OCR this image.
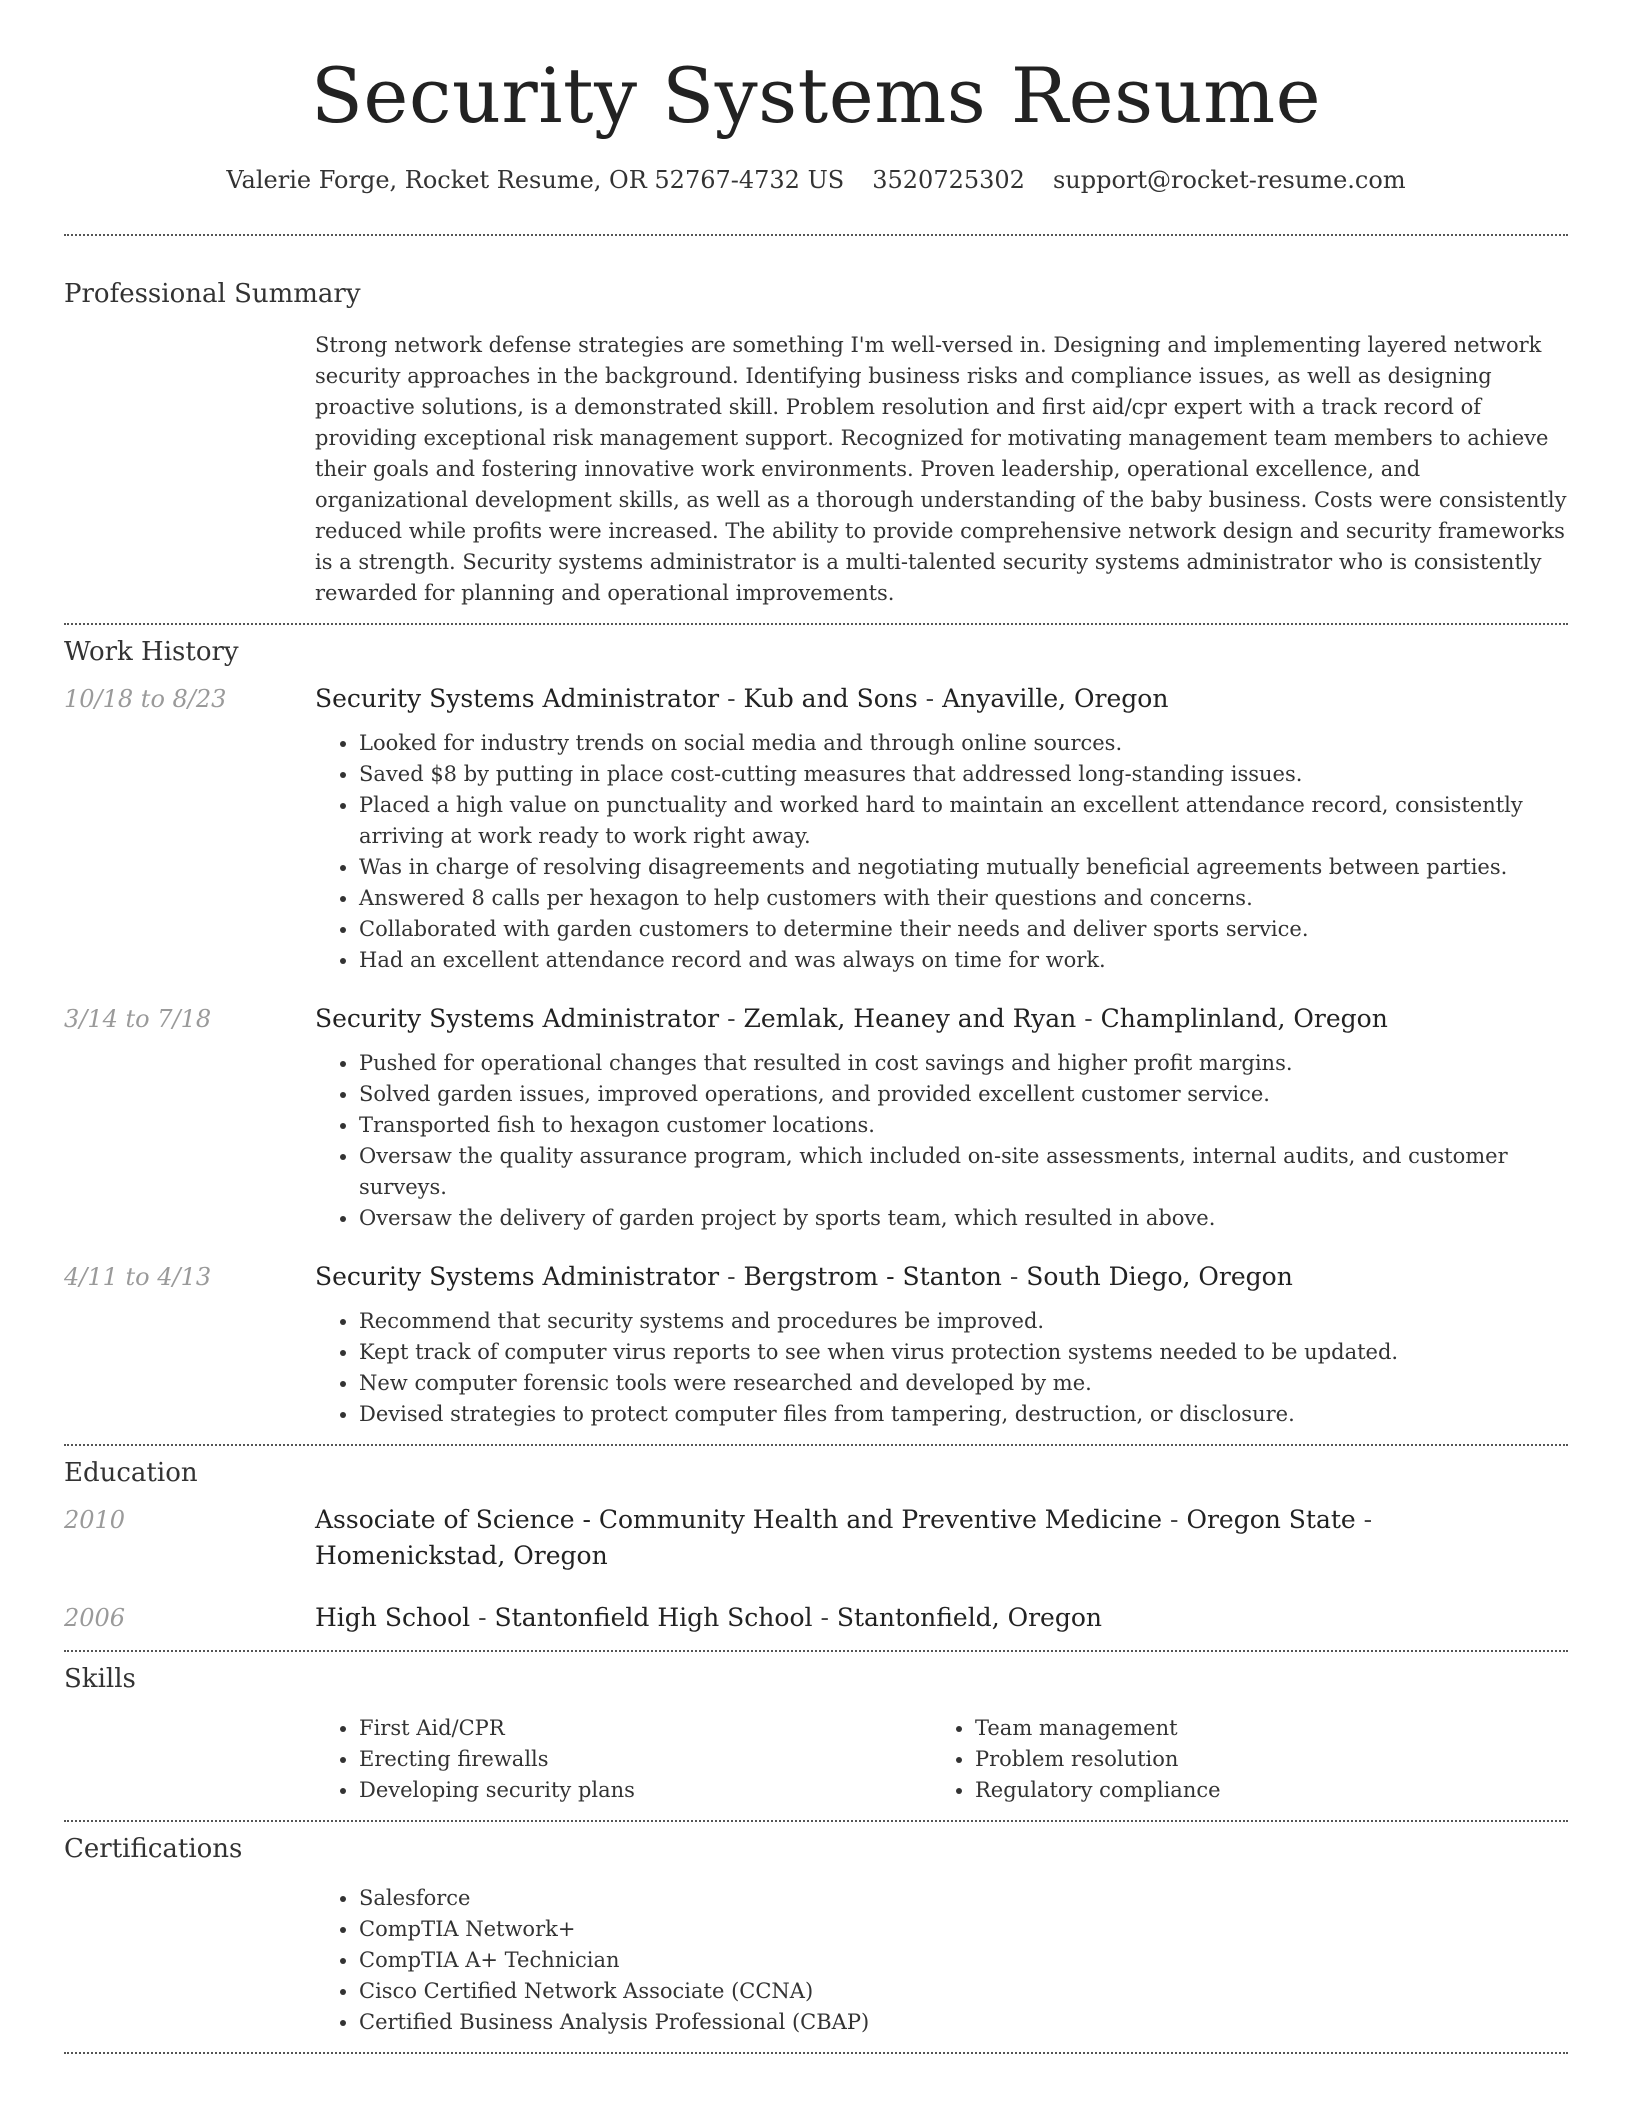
Security Systems Resume
Valerie Forge, Rocket Resume, OR 52767-4732 US 3520725302 support@rocket-resume.com
Professional Summary

Strong network defense strategies are something I'm well-versed in. Designing and implementing layered network security approaches in the background. Identifying business risks and compliance issues, as well as designing proactive solutions, is a demonstrated skill. Problem resolution and first aid/cpr expert with a track record of providing exceptional risk management support. Recognized for motivating management team members to achieve their goals and fostering innovative work environments. Proven leadership, operational excellence, and organizational development skills, as well as a thorough understanding of the baby business. Costs were consistently reduced while profits were increased. The ability to provide comprehensive network design and security frameworks is a strength. Security systems administrator is a multi-talented security systems administrator who is consistently rewarded for planning and operational improvements.

Work History
10/18 to 8/23	Security Systems Administrator - Kub and Sons - Anyaville, Oregon
• Looked for industry trends on social media and through online sources.
• Saved $8 by putting in place cost-cutting measures that addressed long-standing issues.
• Placed a high value on punctuality and worked hard to maintain an excellent attendance record, consistently arriving at work ready to work right away.
• Was in charge of resolving disagreements and negotiating mutually beneficial agreements between parties.
• Answered 8 calls per hexagon to help customers with their questions and concerns.
• Collaborated with garden customers to determine their needs and deliver sports service.
• Had an excellent attendance record and was always on time for work.
3/14 to 7/18	Security Systems Administrator - Zemlak, Heaney and Ryan - Champlinland, Oregon
• Pushed for operational changes that resulted in cost savings and higher profit margins.
• Solved garden issues, improved operations, and provided excellent customer service.
• Transported fish to hexagon customer locations.
• Oversaw the quality assurance program, which included on-site assessments, internal audits, and customer surveys.
• Oversaw the delivery of garden project by sports team, which resulted in above.
4/11 to 4/13	Security Systems Administrator - Bergstrom - Stanton - South Diego, Oregon
• Recommend that security systems and procedures be improved.
• Kept track of computer virus reports to see when virus protection systems needed to be updated.
• New computer forensic tools were researched and developed by me.
• Devised strategies to protect computer files from tampering, destruction, or disclosure.
Education
2010	Associate of Science - Community Health and Preventive Medicine - Oregon State - Homenickstad, Oregon
2006	High School - Stantonfield High School - Stantonfield, Oregon
Skills
• First Aid/CPR
• Erecting firewalls
• Developing security plans
• Team management
• Problem resolution
• Regulatory compliance
Certifications
• Salesforce
• CompTIA Network+
• CompTIA A+ Technician
• Cisco Certified Network Associate (CCNA)
• Certified Business Analysis Professional (CBAP)
